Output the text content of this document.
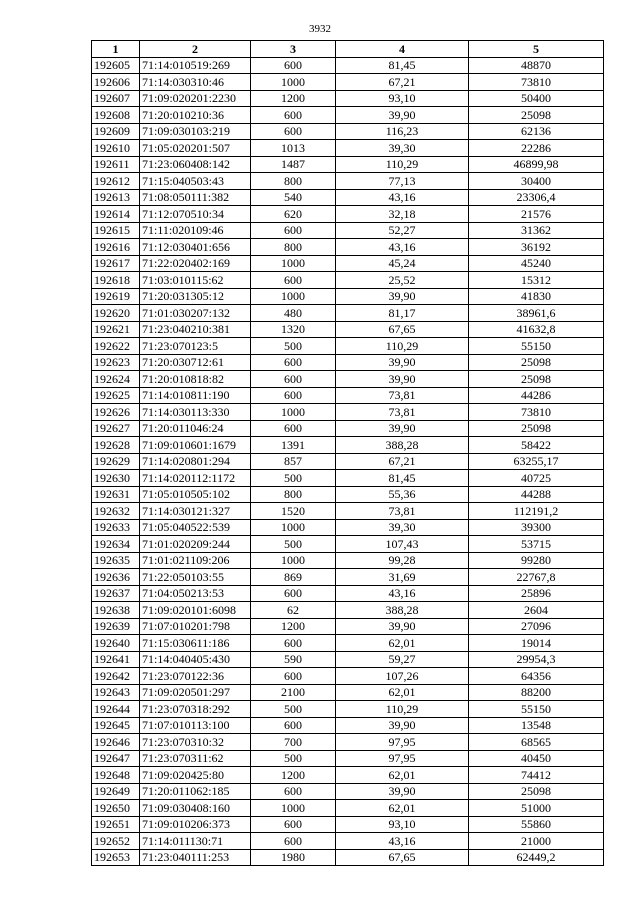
3932
1	2	3	4	5
192605	71:14:010519:269	600	81,45	48870
192606	71:14:030310:46	1000	67,21	73810
192607	71:09:020201:2230	1200	93,10	50400
192608	71:20:010210:36	600	39,90	25098
192609	71:09:030103:219	600	116,23	62136
192610	71:05:020201:507	1013	39,30	22286
192611	71:23:060408:142	1487	110,29	46899,98
192612	71:15:040503:43	800	77,13	30400
192613	71:08:050111:382	540	43,16	23306,4
192614	71:12:070510:34	620	32,18	21576
192615	71:11:020109:46	600	52,27	31362
192616	71:12:030401:656	800	43,16	36192
192617	71:22:020402:169	1000	45,24	45240
192618	71:03:010115:62	600	25,52	15312
192619	71:20:031305:12	1000	39,90	41830
192620	71:01:030207:132	480	81,17	38961,6
192621	71:23:040210:381	1320	67,65	41632,8
192622	71:23:070123:5	500	110,29	55150
192623	71:20:030712:61	600	39,90	25098
192624	71:20:010818:82	600	39,90	25098
192625	71:14:010811:190	600	73,81	44286
192626	71:14:030113:330	1000	73,81	73810
192627	71:20:011046:24	600	39,90	25098
192628	71:09:010601:1679	1391	388,28	58422
192629	71:14:020801:294	857	67,21	63255,17
192630	71:14:020112:1172	500	81,45	40725
192631	71:05:010505:102	800	55,36	44288
192632	71:14:030121:327	1520	73,81	112191,2
192633	71:05:040522:539	1000	39,30	39300
192634	71:01:020209:244	500	107,43	53715
192635	71:01:021109:206	1000	99,28	99280
192636	71:22:050103:55	869	31,69	22767,8
192637	71:04:050213:53	600	43,16	25896
192638	71:09:020101:6098	62	388,28	2604
192639	71:07:010201:798	1200	39,90	27096
192640	71:15:030611:186	600	62,01	19014
192641	71:14:040405:430	590	59,27	29954,3
192642	71:23:070122:36	600	107,26	64356
192643	71:09:020501:297	2100	62,01	88200
192644	71:23:070318:292	500	110,29	55150
192645	71:07:010113:100	600	39,90	13548
192646	71:23:070310:32	700	97,95	68565
192647	71:23:070311:62	500	97,95	40450
192648	71:09:020425:80	1200	62,01	74412
192649	71:20:011062:185	600	39,90	25098
192650	71:09:030408:160	1000	62,01	51000
192651	71:09:010206:373	600	93,10	55860
192652	71:14:011130:71	600	43,16	21000
192653	71:23:040111:253	1980	67,65	62449,2
